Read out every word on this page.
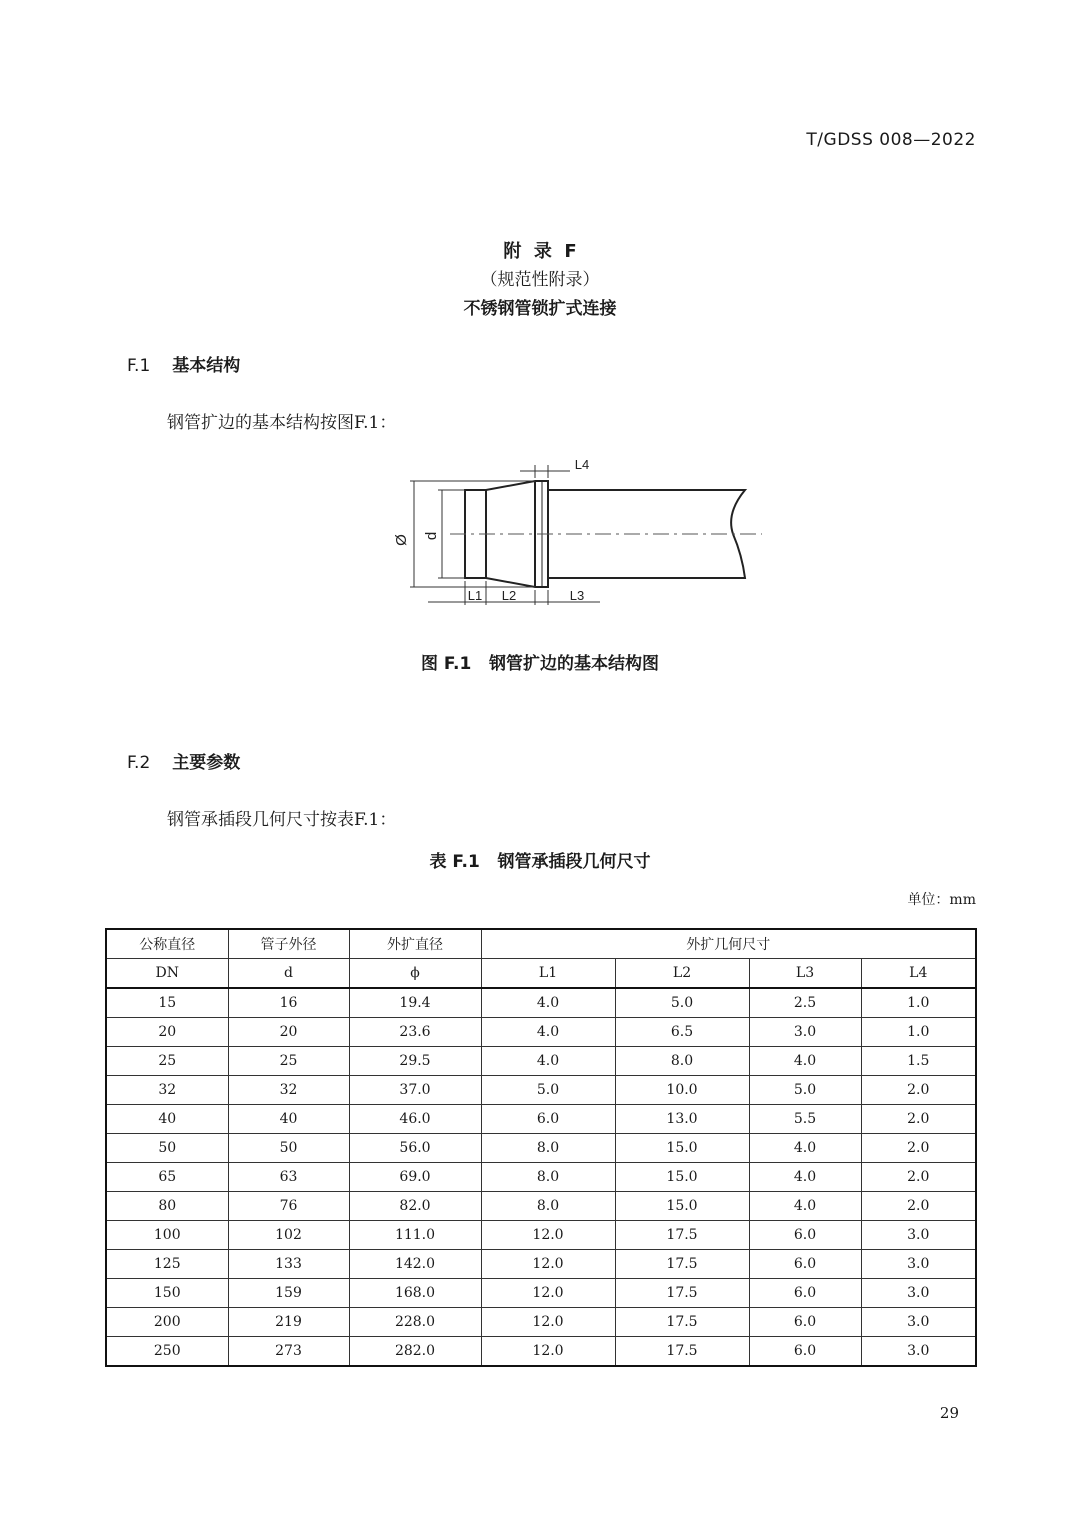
T/GDSS 008—2022
附  录  F
（规范性附录）
不锈钢管锁扩式连接
F.1 基本结构
钢管扩边的基本结构按图F.1：
Ø d
L1 L2	L3
L4
图 F.1   钢管扩边的基本结构图
F.2 主要参数
钢管承插段几何尺寸按表F.1：
表 F.1   钢管承插段几何尺寸
单位：mm
公称直径	管子外径	外扩直径	外扩几何尺寸			
DN	d	ϕ	L1	L2	L3	L4
15	16	19.4	4.0	5.0	2.5	1.0
20	20	23.6	4.0	6.5	3.0	1.0
25	25	29.5	4.0	8.0	4.0	1.5
32	32	37.0	5.0	10.0	5.0	2.0
40	40	46.0	6.0	13.0	5.5	2.0
50	50	56.0	8.0	15.0	4.0	2.0
65	63	69.0	8.0	15.0	4.0	2.0
80	76	82.0	8.0	15.0	4.0	2.0
100	102	111.0	12.0	17.5	6.0	3.0
125	133	142.0	12.0	17.5	6.0	3.0
150	159	168.0	12.0	17.5	6.0	3.0
200	219	228.0	12.0	17.5	6.0	3.0
250	273	282.0	12.0	17.5	6.0	3.0
29
